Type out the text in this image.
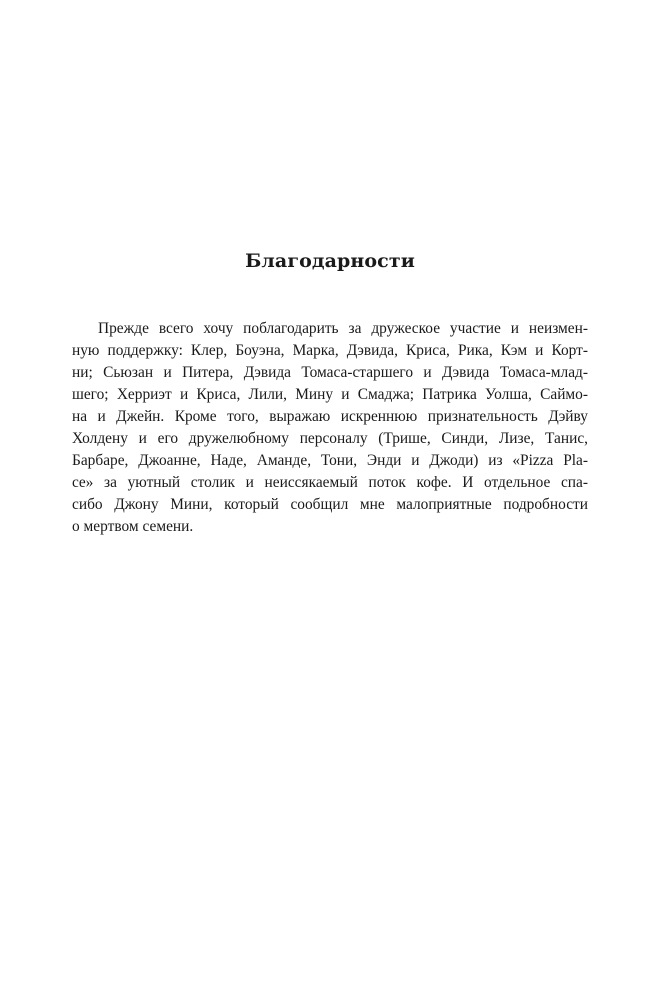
Благодарности
Прежде всего хочу поблагодарить за дружеское участие и неизмен-
ную поддержку: Клер, Боуэна, Марка, Дэвида, Криса, Рика, Кэм и Корт-
ни; Сьюзан и Питера, Дэвида Томаса-старшего и Дэвида Томаса-млад-
шего; Херриэт и Криса, Лили, Мину и Смаджа; Патрика Уолша, Саймо-
на и Джейн. Кроме того, выражаю искреннюю признательность Дэйву
Холдену и его дружелюбному персоналу (Трише, Синди, Лизе, Танис,
Барбаре, Джоанне, Наде, Аманде, Тони, Энди и Джоди) из «Pizza Pla-
ce» за уютный столик и неиссякаемый поток кофе. И отдельное спа-
сибо Джону Мини, который сообщил мне малоприятные подробности
о мертвом семени.
